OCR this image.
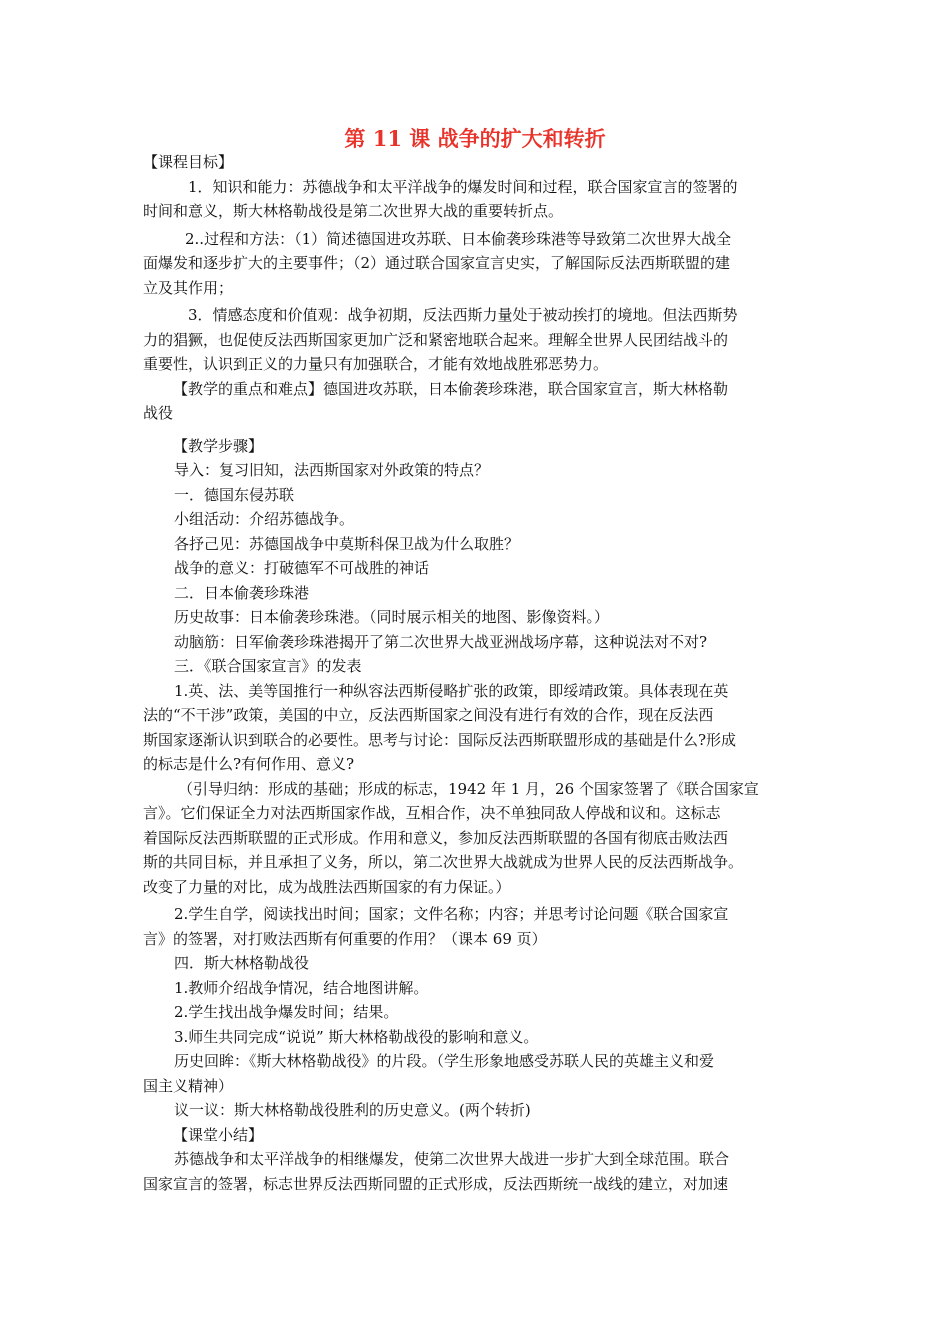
第 11 课 战争的扩大和转折

【课程目标】

1．知识和能力：苏德战争和太平洋战争的爆发时间和过程，联合国家宣言的签署的

时间和意义，斯大林格勒战役是第二次世界大战的重要转折点。

2..过程和方法：（1）简述德国进攻苏联、日本偷袭珍珠港等导致第二次世界大战全

面爆发和逐步扩大的主要事件；（2）通过联合国家宣言史实，了解国际反法西斯联盟的建

立及其作用；

3．情感态度和价值观：战争初期，反法西斯力量处于被动挨打的境地。但法西斯势

力的猖獗，也促使反法西斯国家更加广泛和紧密地联合起来。理解全世界人民团结战斗的

重要性，认识到正义的力量只有加强联合，才能有效地战胜邪恶势力。

【教学的重点和难点】德国进攻苏联，日本偷袭珍珠港，联合国家宣言，斯大林格勒

战役

【教学步骤】

导入：复习旧知，法西斯国家对外政策的特点？

一．德国东侵苏联

小组活动：介绍苏德战争。

各抒己见：苏德国战争中莫斯科保卫战为什么取胜？

战争的意义：打破德军不可战胜的神话

二．日本偷袭珍珠港

历史故事：日本偷袭珍珠港。（同时展示相关的地图、影像资料。）

动脑筋：日军偷袭珍珠港揭开了第二次世界大战亚洲战场序幕，这种说法对不对?

三．《联合国家宣言》的发表

1.英、法、美等国推行一种纵容法西斯侵略扩张的政策，即绥靖政策。具体表现在英

法的“不干涉”政策，美国的中立，反法西斯国家之间没有进行有效的合作，现在反法西

斯国家逐渐认识到联合的必要性。思考与讨论：国际反法西斯联盟形成的基础是什么?形成

的标志是什么?有何作用、意义?

（引导归纳：形成的基础；形成的标志，1942 年 1 月，26 个国家签署了《联合国家宣

言》。它们保证全力对法西斯国家作战，互相合作，决不单独同敌人停战和议和。这标志

着国际反法西斯联盟的正式形成。作用和意义，参加反法西斯联盟的各国有彻底击败法西

斯的共同目标，并且承担了义务，所以，第二次世界大战就成为世界人民的反法西斯战争。

改变了力量的对比，成为战胜法西斯国家的有力保证。）

2.学生自学，阅读找出时间；国家；文件名称；内容；并思考讨论问题《联合国家宣

言》的签署，对打败法西斯有何重要的作用？（课本 69 页）

四．斯大林格勒战役

1.教师介绍战争情况，结合地图讲解。

2.学生找出战争爆发时间；结果。

3.师生共同完成“说说” 斯大林格勒战役的影响和意义。

历史回眸：《斯大林格勒战役》的片段。（学生形象地感受苏联人民的英雄主义和爱

国主义精神）

议一议：斯大林格勒战役胜利的历史意义。(两个转折)

【课堂小结】

苏德战争和太平洋战争的相继爆发，使第二次世界大战进一步扩大到全球范围。联合

国家宣言的签署，标志世界反法西斯同盟的正式形成，反法西斯统一战线的建立，对加速
